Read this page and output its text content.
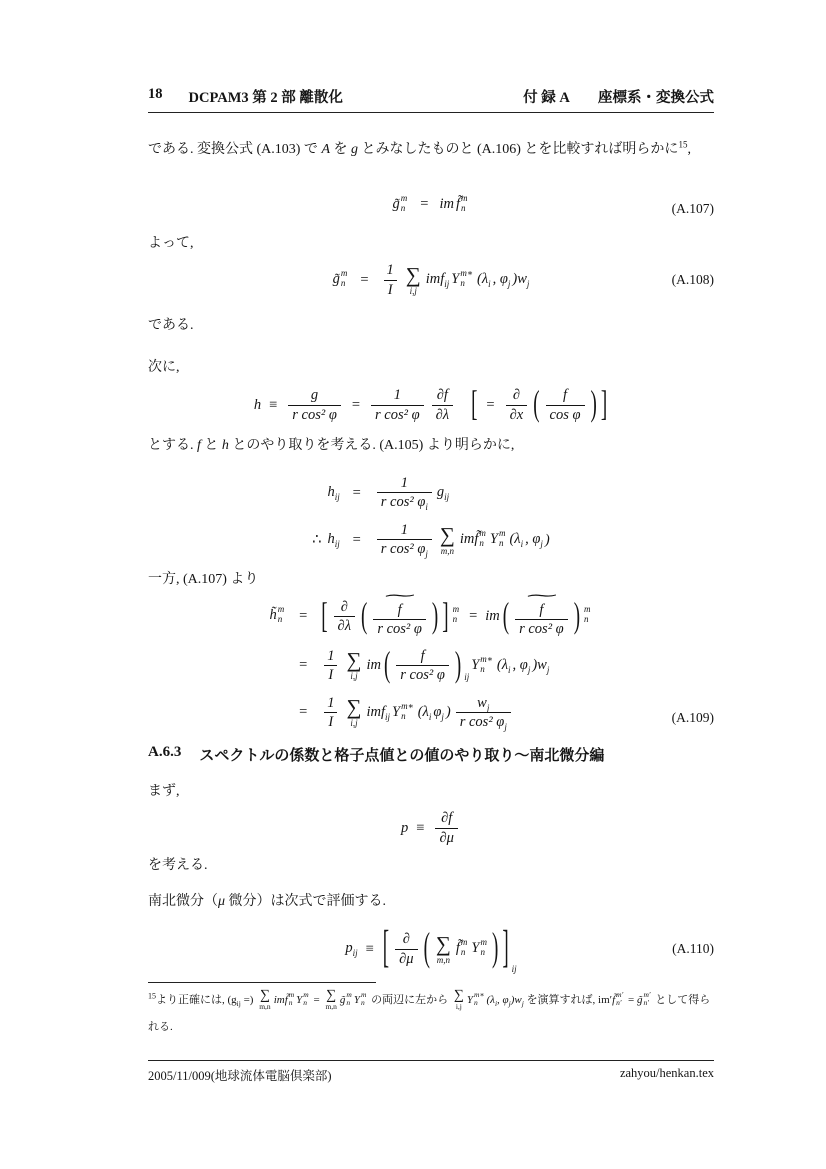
18 DCPAM3 第 2 部 離散化	付 録 A　　座標系・変換公式

である. 変換公式 (A.103) で A を g とみなしたものと (A.106) とを比較すれば明らかに$^{15}$,

g̃ m
n	= im f̃ m
n	(A.107)

よって,

g̃ m
n	= $\frac{1}{I}$ ∑
i,j
imf$_{ij}$ Y m∗
n ($\lambda_i$ , $\varphi_j$ )$w_j$	(A.108)

である.

次に,

$h \equiv \frac{g}{\text{r cos² φ}} = \frac{1}{\text{r cos² φ}} \frac{\partial f}{\partial\lambda}$ [ = $\frac{\partial}{\partial x}$ ( $\frac{f}{\text{cos φ}}$ ) ]

とする. f と h とのやり取りを考える. (A.105) より明らかに,

$h_{ij}$ =	$\frac{1}{r \cos^2 \varphi_i} g_{ij}$
∴ $h_{ij}$ =	$\frac{1}{r \cos^2 \varphi_j}$ ∑
m,n
imf̃ m
n Y m
n ($\lambda_i$ , $\varphi_j$ )

一方, (A.107) より

h̃ m
n	= [ $\frac{\partial}{\partial\lambda}$ ( ∼
$\frac{f}{\text{r cos² φ}}$ ) ] m
n = im ( ∼
$\frac{f}{\text{r cos² φ}}$ ) m
n
=	$\frac{1}{I}$ ∑
i,j
im ( $\frac{f}{\text{r cos² φ}}$ ) $_{ij}$
Y m∗
n ($\lambda_i$ , $\varphi_j$ )$w_j$
=	$\frac{1}{I}$ ∑
i,j
imf$_{ij}$ Y m∗
n ($\lambda_i$ $\varphi_j$ ) $\frac{w_j}{r \cos^2 \varphi_j}$	(A.109)
A.6.3 スペクトルの係数と格子点値との値のやり取り～南北微分編

まず,

$p \equiv \frac{\partial f}{\partial\mu}$

を考える.

南北微分（μ 微分）は次式で評価する.

$p_{ij}$ ≡ [ $\frac{\partial}{\partial\mu}$ ( ∑
m,n
f̃ m
n Y m
n ) ] $_{ij}$
(A.110)
$^{15}$より正確には, ($g_{ij}$ =) ∑
m,n
imf̃ m
n Y m
n = ∑
m,n
g̃ m
n Y m
n の両辺に左から ∑
i,j
Y m∗
n ($\lambda_i$, $\varphi_j)w_j$ を演算すれば, im′f̃ m′
n′ = g̃ m′
n′ として得られる.
2005/11/009(地球流体電脳倶楽部)	zahyou/henkan.tex
